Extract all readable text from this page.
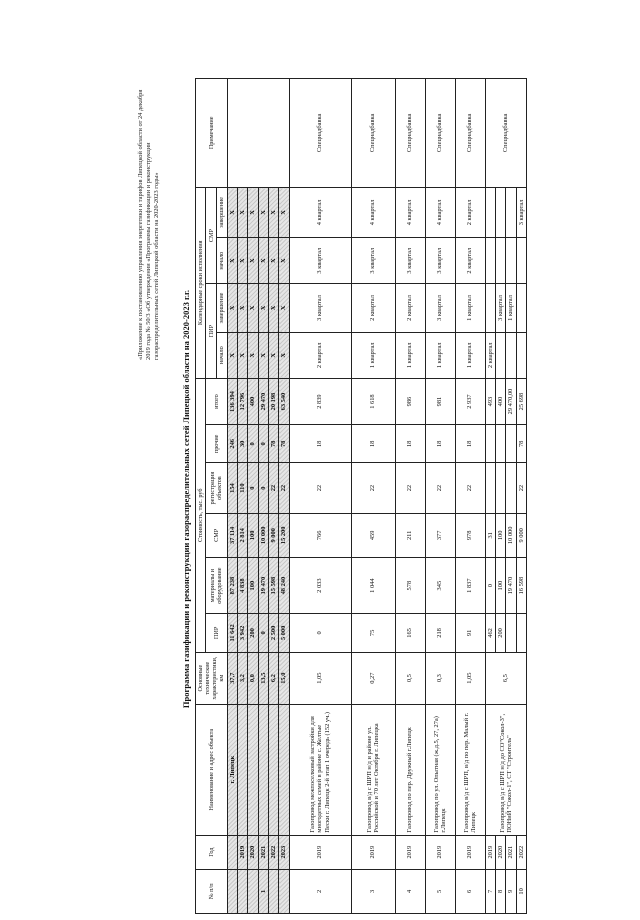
«Приложение к постановлению управления энергетики и тарифов Липецкой области от 24 декабря 2019 года № 50/3 «Об утверждении «Программы газификации и реконструкции газораспределительных сетей Липецкой области на 2020-2023 годы»
Программа газификации и реконструкции газораспределительных сетей Липецкой области на 2020-2023 г.г.
№ п/п	Год	Наименование и адрес объекта	Основные технические характеристики, км	Стоимость, тыс. руб						Календарные сроки исполнения				Примечание
				ПИР	материалы и оборудование	СМР	регистрация объектов	прочие	итого	ПИР		СМР		
										начало	завершение	начало	завершение	
		г. Липецк	37,7	11 642	87 238	37 114	154	246	136 394	Х	Х	Х	Х	
	2019		3,2	3 942	4 838	2 814	110	30	12 796	Х	Х	Х	Х	
	2020		0,0	200	100	100	0	0	400	Х	Х	Х	Х	
1	2021		13,5	0	19 470	10 000	0	0	29 470	Х	Х	Х	Х	
	2022		6,2	2 500	15 598	9 000	22	78	20 198	Х	Х	Х	Х	
	2023		15,0	5 000	48 240	15 200	22	78	63 540	Х	Х	Х	Х	
2	2019	Газопровод межпоселковый застройки для многодетных семей в районе с. Желтые Пески г. Липецк 2-й этап 1 очередь (152 уч.)	1,05	0	2 033	766	22	18	2 839	2 квартал	3 квартал	3 квартал	4 квартал	Спецнадбавка
3	2019	Газопровод в/д с ШРП н/д и районе ул. Российской и 70 лет Октября г. Липецка	0,27	75	1 044	459	22	18	1 618	1 квартал	2 квартал	3 квартал	4 квартал	Спецнадбавка
4	2019	Газопровод по пер. Дружный г.Липецк	0,5	165	578	211	22	18	986	1 квартал	2 квартал	3 квартал	4 квартал	Спецнадбавка
5	2019	Газопровод по ул. Опытная (ж.д.5, 27, 27а) г.Липецк	0,3	218	345	377	22	18	981	1 квартал	3 квартал	3 квартал	4 квартал	Спецнадбавка
6	2019	Газопровод в/д с ШРП, в/д по пер. Малый г. Липецк	1,05	91	1 837	978	22	18	2 937	1 квартал	1 квартал	2 квартал	2 квартал	Спецнадбавка
7	2019	Газопровод в/д с ШРП н/д до СО"Сокол-3", ПОНиЙ "Сокол-1", СТ "Строитель"	6,5	462	0	31			493	2 квартал				Спецнадбавка
8	2020			200	100	100			400		3 квартал			
9	2021				19 470	10 000			29 470,00		1 квартал			
10	2022				16 598	9 000	22	78	25 698				3 квартал	
